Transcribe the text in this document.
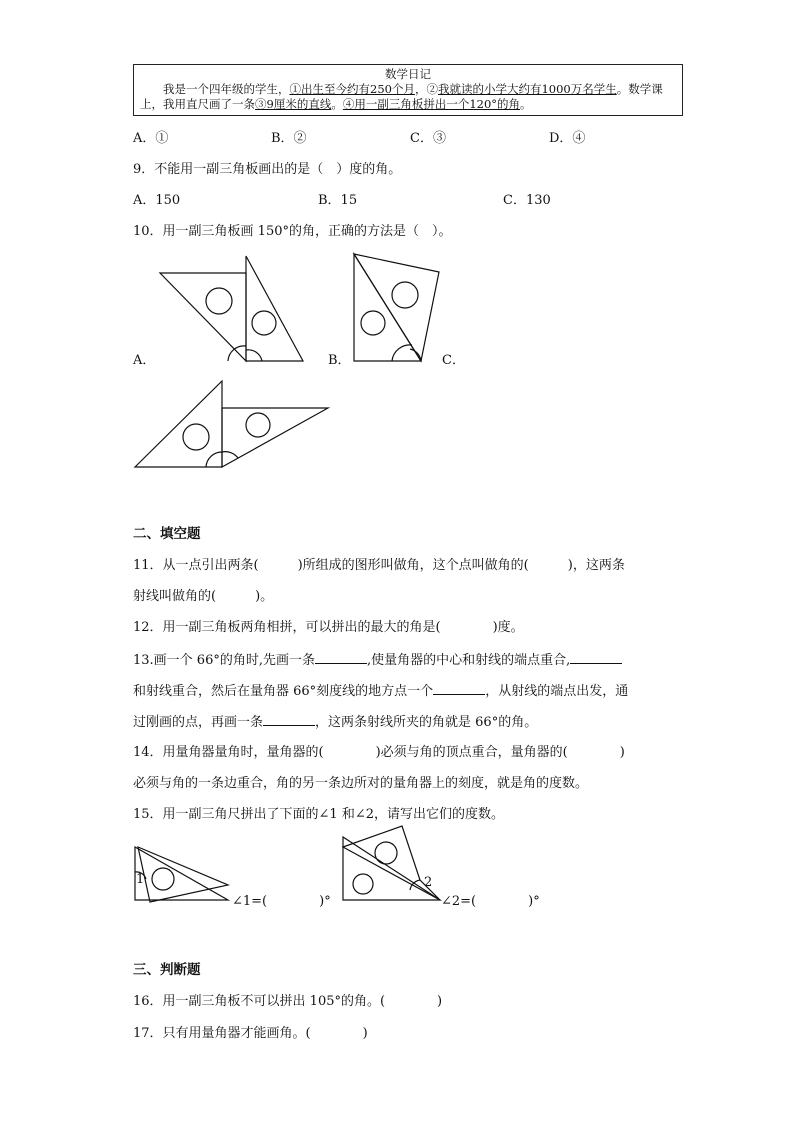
数学日记
我是一个四年级的学生，①出生至今约有250个月，②我就读的小学大约有1000万名学生。数学课上，我用直尺画了一条③9厘米的直线。④用一副三角板拼出一个120°的角。
A．①	B．②	C．③	D．④
9．不能用一副三角板画出的是（　）度的角。
A．150	B．15	C．130
10．用一副三角板画 150°的角，正确的方法是（　）。
A．	B．	C．
二、填空题
11．从一点引出两条(　　　)所组成的图形叫做角，这个点叫做角的(　　　)，这两条
射线叫做角的(　　　)。
12．用一副三角板两角相拼，可以拼出的最大的角是(　　　　)度。
13.画一个 66°的角时,先画一条	,使量角器的中心和射线的端点重合,
和射线重合，然后在量角器 66°刻度线的地方点一个	，从射线的端点出发，通
过刚画的点，再画一条	，这两条射线所夹的角就是 66°的角。
14．用量角器量角时，量角器的(　　　　)必须与角的顶点重合，量角器的(　　　　)
必须与角的一条边重合，角的另一条边所对的量角器上的刻度，就是角的度数。
15．用一副三角尺拼出了下面的∠1 和∠2，请写出它们的度数。
1
∠1=(　　　　)°
2
∠2=(　　　　)°
三、判断题
16．用一副三角板不可以拼出 105°的角。(　　　　)
17．只有用量角器才能画角。(　　　　)
